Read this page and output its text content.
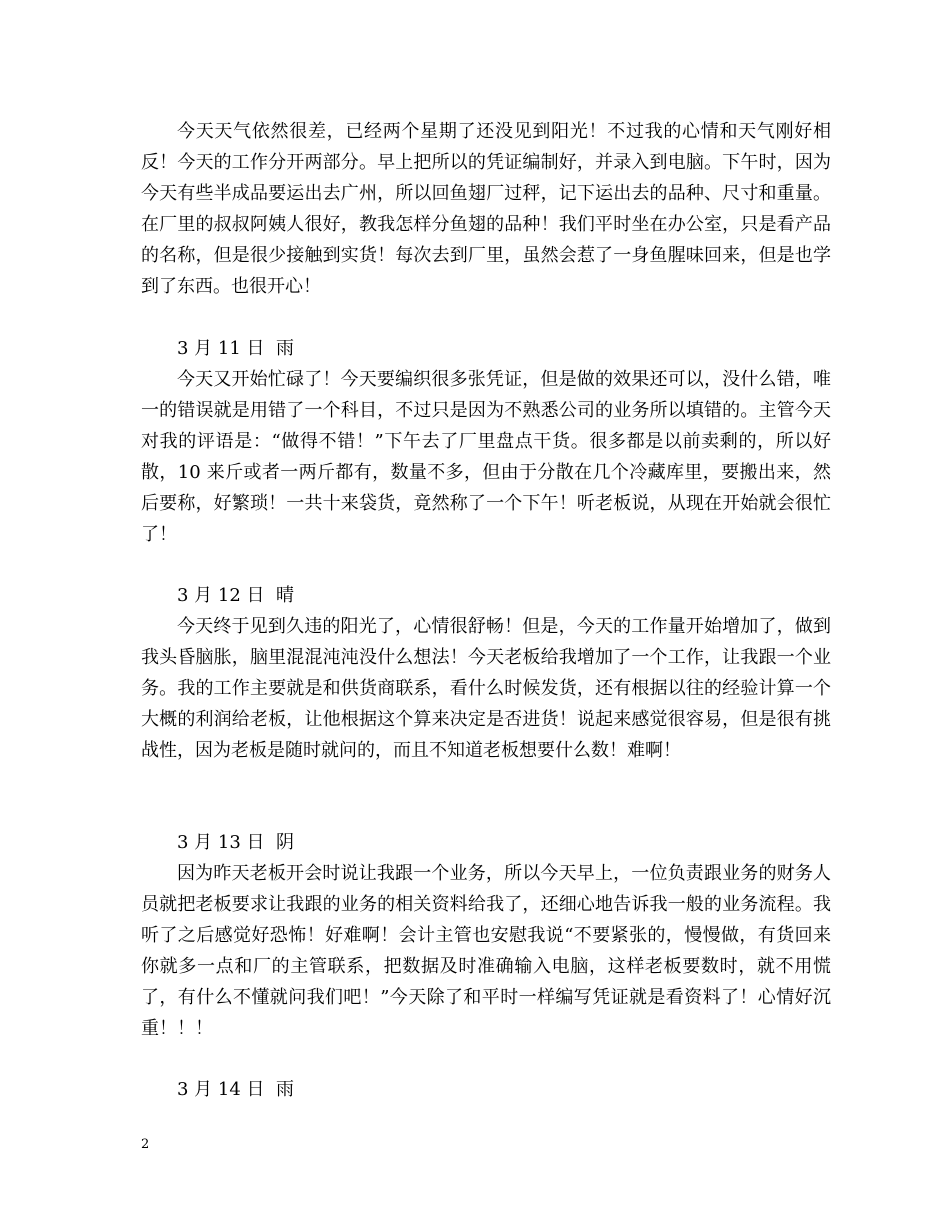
今天天气依然很差，已经两个星期了还没见到阳光！不过我的心情和天气刚好相反！今天的工作分开两部分。早上把所以的凭证编制好，并录入到电脑。下午时，因为今天有些半成品要运出去广州，所以回鱼翅厂过秤，记下运出去的品种、尺寸和重量。在厂里的叔叔阿姨人很好，教我怎样分鱼翅的品种！我们平时坐在办公室，只是看产品的名称，但是很少接触到实货！每次去到厂里，虽然会惹了一身鱼腥味回来，但是也学到了东西。也很开心！

3 月 11 日  雨

今天又开始忙碌了！今天要编织很多张凭证，但是做的效果还可以，没什么错，唯一的错误就是用错了一个科目，不过只是因为不熟悉公司的业务所以填错的。主管今天对我的评语是：“做得不错！”下午去了厂里盘点干货。很多都是以前卖剩的，所以好散，10 来斤或者一两斤都有，数量不多，但由于分散在几个冷藏库里，要搬出来，然后要称，好繁琐！一共十来袋货，竟然称了一个下午！听老板说，从现在开始就会很忙了！

3 月 12 日  晴

今天终于见到久违的阳光了，心情很舒畅！但是，今天的工作量开始增加了，做到我头昏脑胀，脑里混混沌沌没什么想法！今天老板给我增加了一个工作，让我跟一个业务。我的工作主要就是和供货商联系，看什么时候发货，还有根据以往的经验计算一个大概的利润给老板，让他根据这个算来决定是否进货！说起来感觉很容易，但是很有挑战性，因为老板是随时就问的，而且不知道老板想要什么数！难啊！

3 月 13 日  阴

因为昨天老板开会时说让我跟一个业务，所以今天早上，一位负责跟业务的财务人员就把老板要求让我跟的业务的相关资料给我了，还细心地告诉我一般的业务流程。我听了之后感觉好恐怖！好难啊！会计主管也安慰我说“不要紧张的，慢慢做，有货回来你就多一点和厂的主管联系，把数据及时准确输入电脑，这样老板要数时，就不用慌了，有什么不懂就问我们吧！”今天除了和平时一样编写凭证就是看资料了！心情好沉重！！！

3 月 14 日  雨
2
